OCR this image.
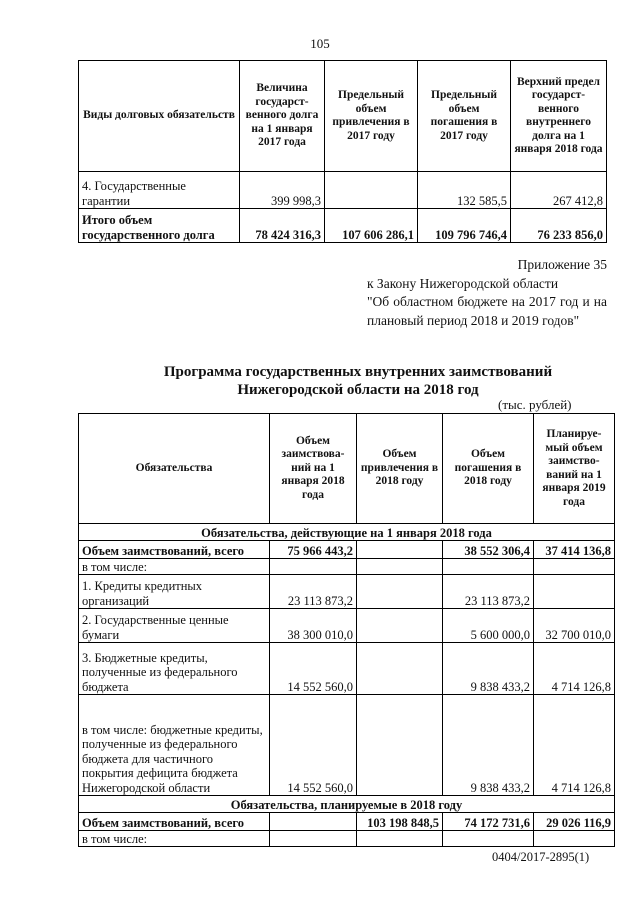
105
Виды долговых обязательств	Величина государст-венного долга на 1 января 2017 года	Предельный объем привлечения в 2017 году	Предельный объем погашения в 2017 году	Верхний предел государст-венного внутреннего долга на 1 января 2018 года
4. Государственные гарантии	399 998,3		132 585,5	267 412,8
Итого объем государственного долга	78 424 316,3	107 606 286,1	109 796 746,4	76 233 856,0
Приложение 35
к Закону Нижегородской области
"Об областном бюджете на 2017 год и на плановый период 2018 и 2019 годов"
Программа государственных внутренних заимствований
Нижегородской области на 2018 год
(тыс. рублей)
Обязательства	Объем заимствова-ний на 1 января 2018 года	Объем привлечения в 2018 году	Объем погашения в 2018 году	Планируе-мый объем заимство-ваний на 1 января 2019 года
Обязательства, действующие на 1 января 2018 года				
Объем заимствований, всего	75 966 443,2		38 552 306,4	37 414 136,8
в том числе:				
1. Кредиты кредитных организаций	23 113 873,2		23 113 873,2	
2. Государственные ценные бумаги	38 300 010,0		5 600 000,0	32 700 010,0
3. Бюджетные кредиты, полученные из федерального бюджета	14 552 560,0		9 838 433,2	4 714 126,8
в том числе: бюджетные кредиты, полученные из федерального бюджета для частичного покрытия дефицита бюджета Нижегородской области	14 552 560,0		9 838 433,2	4 714 126,8
Обязательства, планируемые в 2018 году				
Объем заимствований, всего		103 198 848,5	74 172 731,6	29 026 116,9
в том числе:				
0404/2017-2895(1)
